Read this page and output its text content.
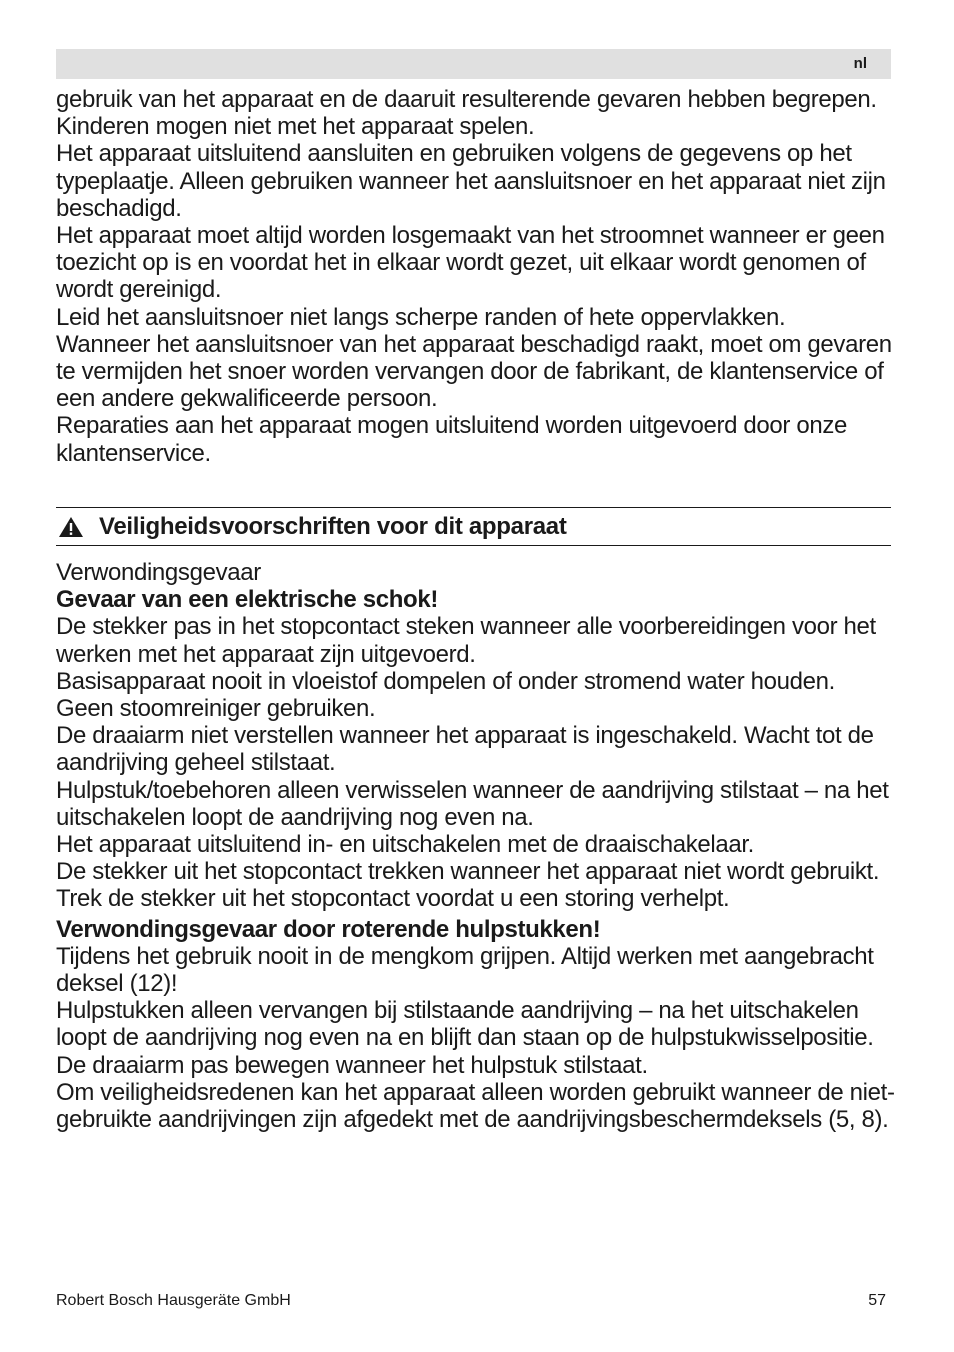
nl

gebruik van het apparaat en de daaruit resulterende gevaren hebben begrepen.

Kinderen mogen niet met het apparaat spelen.

Het apparaat uitsluitend aansluiten en gebruiken volgens de gegevens op het typeplaatje. Alleen gebruiken wanneer het aansluitsnoer en het apparaat niet zijn beschadigd.

Het apparaat moet altijd worden losgemaakt van het stroomnet wanneer er geen toezicht op is en voordat het in elkaar wordt gezet, uit elkaar wordt genomen of wordt gereinigd.

Leid het aansluitsnoer niet langs scherpe randen of hete oppervlakken.

Wanneer het aansluitsnoer van het apparaat beschadigd raakt, moet om gevaren te vermijden het snoer worden vervangen door de fabrikant, de klantenservice of een andere gekwalificeerde persoon.

Reparaties aan het apparaat mogen uitsluitend worden uitgevoerd door onze klantenservice.

Veiligheidsvoorschriften voor dit apparaat

Verwondingsgevaar

Gevaar van een elektrische schok!

De stekker pas in het stopcontact steken wanneer alle voorbereidingen voor het werken met het apparaat zijn uitgevoerd.

Basisapparaat nooit in vloeistof dompelen of onder stromend water houden.

Geen stoomreiniger gebruiken.

De draaiarm niet verstellen wanneer het apparaat is ingeschakeld. Wacht tot de aandrijving geheel stilstaat.

Hulpstuk/toebehoren alleen verwisselen wanneer de aandrijving stilstaat – na het uitschakelen loopt de aandrijving nog even na.

Het apparaat uitsluitend in- en uitschakelen met de draaischakelaar.

De stekker uit het stopcontact trekken wanneer het apparaat niet wordt gebruikt.

Trek de stekker uit het stopcontact voordat u een storing verhelpt.

Verwondingsgevaar door roterende hulpstukken!

Tijdens het gebruik nooit in de mengkom grijpen. Altijd werken met aangebracht deksel (12)!

Hulpstukken alleen vervangen bij stilstaande aandrijving – na het uitschakelen loopt de aandrijving nog even na en blijft dan staan op de hulpstukwisselpositie. De draaiarm pas bewegen wanneer het hulpstuk stilstaat.

Om veiligheidsredenen kan het apparaat alleen worden gebruikt wanneer de niet-gebruikte aandrijvingen zijn afgedekt met de aandrijvingsbeschermdeksels (5, 8).

Robert Bosch Hausgeräte GmbH	57
